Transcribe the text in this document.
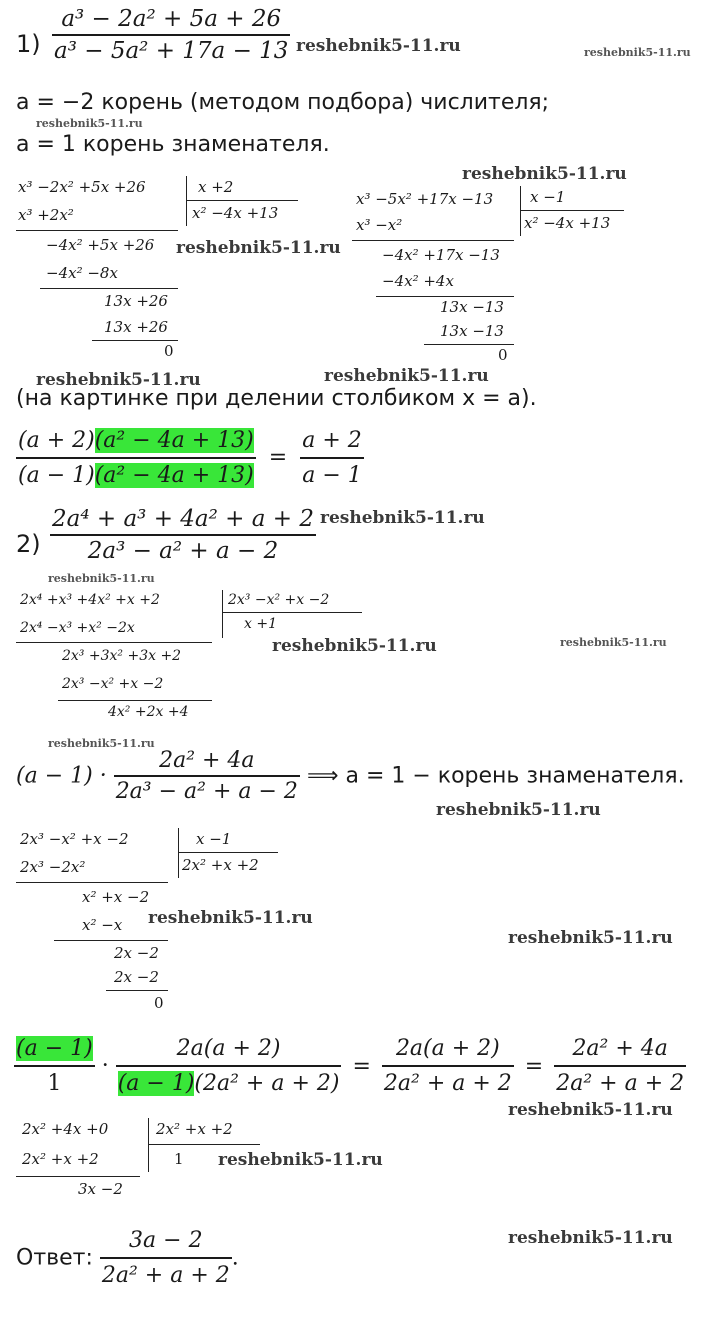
$1) \frac{\text{a³ − 2a² + 5a + 26}}{\text{a³ − 5a² + 17a − 13}}$ reshebnik5-11.ru	reshebnik5-11.ru
a = −2 корень (методом подбора) числителя;
reshebnik5-11.ru
a = 1 корень знаменателя.
reshebnik5-11.ru
x³ −2x² +5x +26	x +2
x³ +2x²	x² −4x +13
−4x² +5x +26
−4x² −8x
13x +26
13x +26
0
reshebnik5-11.ru
x³ −5x² +17x −13 x −1
x³ −x²	x² −4x +13
−4x² +17x −13
−4x² +4x
13x −13
13x −13
0
reshebnik5-11.ru	reshebnik5-11.ru
(на картинке при делении столбиком x = a).
$\frac{\text{(a + 2)(a² − 4a + 13)}}{\text{(a − 1)(a² − 4a + 13)}} = \frac{a + 2}{a - 1}$
$2) \frac{\text{2a⁴ + a³ + 4a² + a + 2}}{\text{2a³ − a² + a − 2}}$ reshebnik5-11.ru
reshebnik5-11.ru
2x⁴ +x³ +4x² +x +2	2x³ −x² +x −2
2x⁴ −x³ +x² −2x	x +1
2x³ +3x² +3x +2
2x³ −x² +x −2
4x² +2x +4
reshebnik5-11.ru	reshebnik5-11.ru
reshebnik5-11.ru
$(a - 1) \cdot \frac{\text{2a² + 4a}}{\text{2a³ − a² + a − 2}}$ ⟹ a = 1 − корень знаменателя.
reshebnik5-11.ru
2x³ −x² +x −2	x −1
2x³ −2x²	2x² +x +2
x² +x −2
x² −x
2x −2
2x −2
0
reshebnik5-11.ru
reshebnik5-11.ru
$\frac{(a - 1)}{1} \cdot \frac{2a(a + 2)}{\text{(a − 1)(2a² + a + 2)}} = \frac{2a(a + 2)}{\text{2a² + a + 2}} = \frac{\text{2a² + 4a}}{\text{2a² + a + 2}}$
reshebnik5-11.ru
2x² +4x +0	2x² +x +2
2x² +x +2	1
3x −2
reshebnik5-11.ru
Ответ: $\frac{3a - 2}{\text{2a² + a + 2}}$ .
reshebnik5-11.ru
